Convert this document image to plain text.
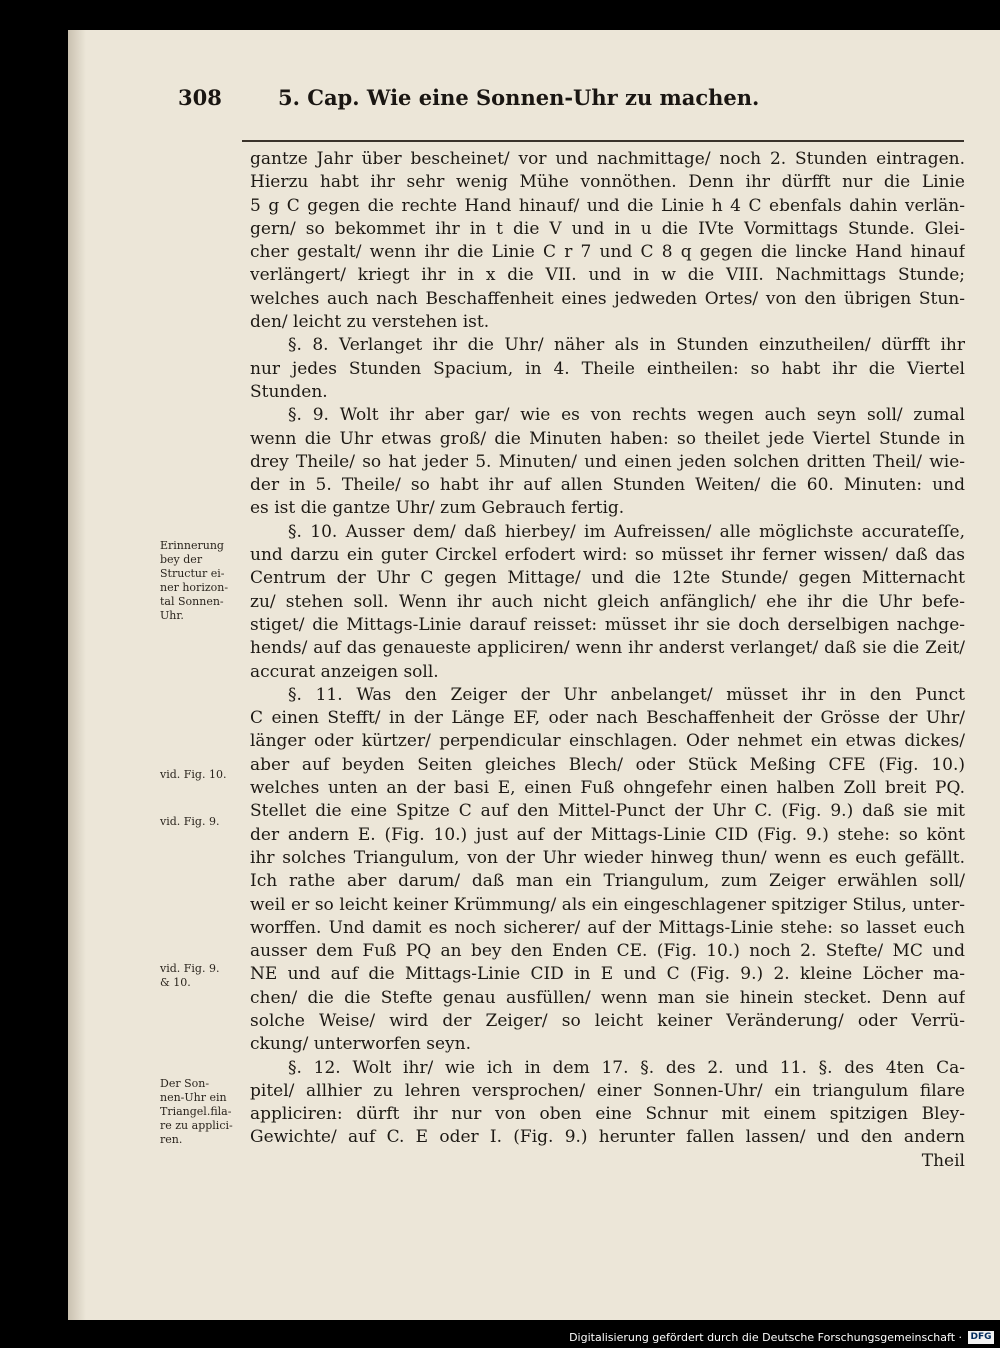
308	5. Cap. Wie eine Sonnen-Uhr zu machen.
gantze Jahr über bescheinet/ vor und nachmittage/ noch 2. Stunden eintragen.
Hierzu habt ihr sehr wenig Mühe vonnöthen. Denn ihr dürfft nur die Linie
5 g C gegen die rechte Hand hinauf/ und die Linie h 4 C ebenfals dahin verlän-
gern/ so bekommet ihr in t die V und in u die IVte Vormittags Stunde. Glei-
cher gestalt/ wenn ihr die Linie C r 7 und C 8 q gegen die lincke Hand hinauf
verlängert/ kriegt ihr in x die VII. und in w die VIII. Nachmittags Stunde;
welches auch nach Beschaffenheit eines jedweden Ortes/ von den übrigen Stun-
den/ leicht zu verstehen ist.
§. 8. Verlanget ihr die Uhr/ näher als in Stunden einzutheilen/ dürfft ihr
nur jedes Stunden Spacium, in 4. Theile eintheilen: so habt ihr die Viertel
Stunden.
§. 9. Wolt ihr aber gar/ wie es von rechts wegen auch seyn soll/ zumal
wenn die Uhr etwas groß/ die Minuten haben: so theilet jede Viertel Stunde in
drey Theile/ so hat jeder 5. Minuten/ und einen jeden solchen dritten Theil/ wie-
der in 5. Theile/ so habt ihr auf allen Stunden Weiten/ die 60. Minuten: und
es ist die gantze Uhr/ zum Gebrauch fertig.
§. 10. Ausser dem/ daß hierbey/ im Aufreissen/ alle möglichste accurateſſe,
und darzu ein guter Circkel erfodert wird: so müsset ihr ferner wissen/ daß das
Centrum der Uhr C gegen Mittage/ und die 12te Stunde/ gegen Mitternacht
zu/ stehen soll. Wenn ihr auch nicht gleich anfänglich/ ehe ihr die Uhr befe-
stiget/ die Mittags-Linie darauf reisset: müsset ihr sie doch derselbigen nachge-
hends/ auf das genaueste appliciren/ wenn ihr anderst verlanget/ daß sie die Zeit/
accurat anzeigen soll.
§. 11. Was den Zeiger der Uhr anbelanget/ müsset ihr in den Punct
C einen Stefft/ in der Länge EF, oder nach Beschaffenheit der Grösse der Uhr/
länger oder kürtzer/ perpendicular einschlagen. Oder nehmet ein etwas dickes/
aber auf beyden Seiten gleiches Blech/ oder Stück Meßing CFE (Fig. 10.)
welches unten an der basi E, einen Fuß ohngefehr einen halben Zoll breit PQ.
Stellet die eine Spitze C auf den Mittel-Punct der Uhr C. (Fig. 9.) daß sie mit
der andern E. (Fig. 10.) just auf der Mittags-Linie CID (Fig. 9.) stehe: so könt
ihr solches Triangulum, von der Uhr wieder hinweg thun/ wenn es euch gefällt.
Ich rathe aber darum/ daß man ein Triangulum, zum Zeiger erwählen soll/
weil er so leicht keiner Krümmung/ als ein eingeschlagener spitziger Stilus, unter-
worffen. Und damit es noch sicherer/ auf der Mittags-Linie stehe: so lasset euch
ausser dem Fuß PQ an bey den Enden CE. (Fig. 10.) noch 2. Stefte/ MC und
NE und auf die Mittags-Linie CID in E und C (Fig. 9.) 2. kleine Löcher ma-
chen/ die die Stefte genau ausfüllen/ wenn man sie hinein stecket. Denn auf
solche Weise/ wird der Zeiger/ so leicht keiner Veränderung/ oder Verrü-
ckung/ unterworfen seyn.
§. 12. Wolt ihr/ wie ich in dem 17. §. des 2. und 11. §. des 4ten Ca-
pitel/ allhier zu lehren versprochen/ einer Sonnen-Uhr/ ein triangulum filare
appliciren: dürft ihr nur von oben eine Schnur mit einem spitzigen Bley-
Gewichte/ auf C. E oder I. (Fig. 9.) herunter fallen lassen/ und den andern
Theil
Erinnerung
bey der
Structur ei-
ner horizon-
tal Sonnen-
Uhr.
vid. Fig. 10.
vid. Fig. 9.
vid. Fig. 9.
& 10.
Der Son-
nen-Uhr ein
Triangel.fila-
re zu applici-
ren.
Digitalisierung gefördert durch die Deutsche Forschungsgemeinschaft · DFG
